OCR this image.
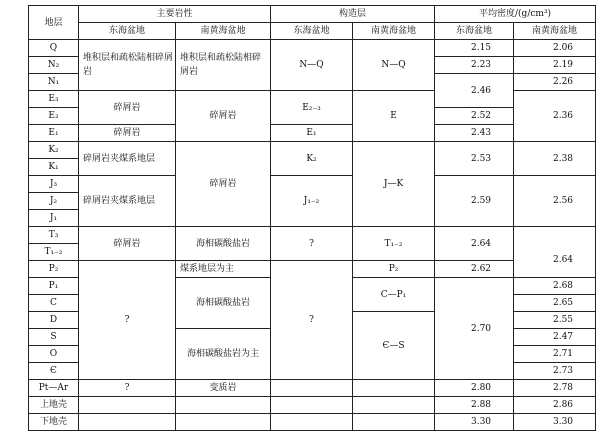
地层	主要岩性		构造层		平均密度/(g/cm³)	
	东海盆地	南黄海盆地	东海盆地	南黄海盆地	东海盆地	南黄海盆地
Q	堆积层和疏松陆相碎屑岩	堆积层和疏松陆相碎屑岩	N—Q	N—Q	2.15	2.06
N₂					2.23	2.19
N₁					2.46	2.26
E₃	碎屑岩	碎屑岩	E₂₋₃	E		2.36
E₂					2.52	
E₁	碎屑岩		E₁		2.43	
K₂	碎屑岩夹煤系地层	碎屑岩	K₂	J—K	2.53	2.38
K₁						
J₃	碎屑岩夹煤系地层		J₁₋₂		2.59	2.56
J₂						
J₁						
T₃	碎屑岩	海相碳酸盐岩	?	T₁₋₂	2.64	
T₁₋₂						2.64
P₂	?	煤系地层为主	?	P₂	2.62	
P₁		海相碳酸盐岩		C—P₁	2.70	2.68
C						2.65
D				Є—S		2.55
S		海相碳酸盐岩为主				2.47
O						2.71
Є						2.73
Pt—Ar	?	变质岩			2.80	2.78
上地壳					2.88	2.86
下地壳					3.30	3.30
